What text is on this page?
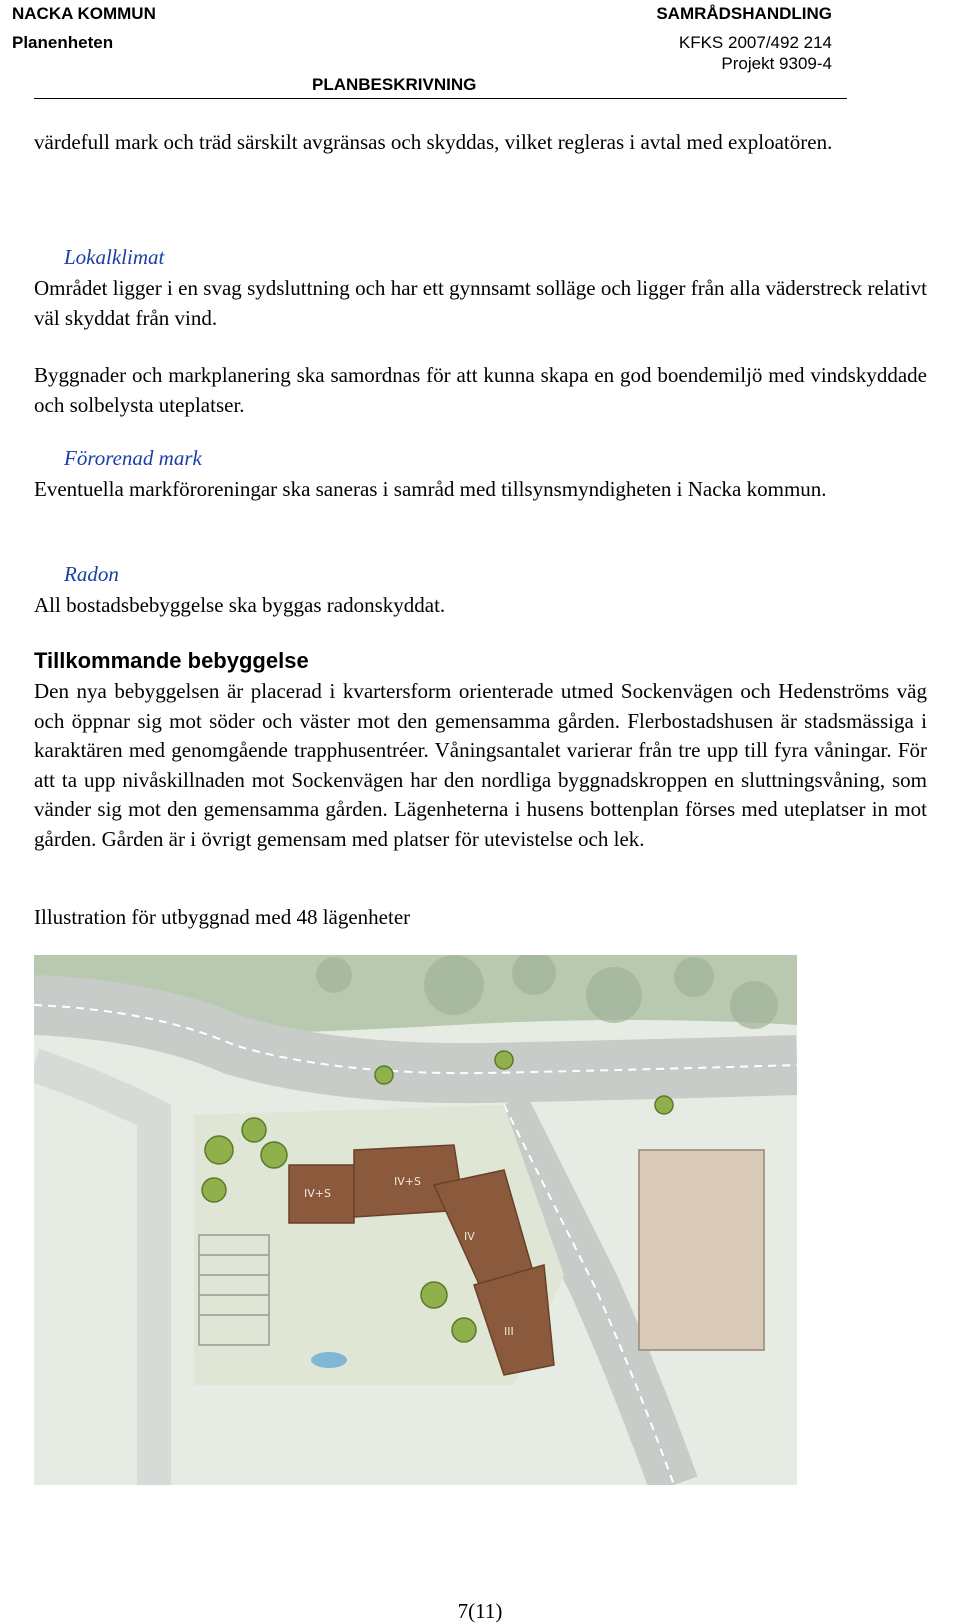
NACKA KOMMUN
Planenheten
SAMRÅDSHANDLING
KFKS 2007/492 214
Projekt 9309-4
PLANBESKRIVNING
värdefull mark och träd särskilt avgränsas och skyddas, vilket regleras i avtal med exploatören.
Lokalklimat
Området ligger i en svag sydsluttning och har ett gynnsamt solläge och ligger från alla väderstreck relativt väl skyddat från vind.
Byggnader och markplanering ska samordnas för att kunna skapa en god boendemiljö med vindskyddade och solbelysta uteplatser.
Förorenad mark
Eventuella markföroreningar ska saneras i samråd med tillsynsmyndigheten i Nacka kommun.
Radon
All bostadsbebyggelse ska byggas radonskyddat.
Tillkommande bebyggelse
Den nya bebyggelsen är placerad i kvartersform orienterade utmed Sockenvägen och Hedenströms väg och öppnar sig mot söder och väster mot den gemensamma gården. Flerbostadshusen är stadsmässiga i karaktären med genomgående trapphusentréer. Våningsantalet varierar från tre upp till fyra våningar. För att ta upp nivåskillnaden mot Sockenvägen har den nordliga byggnadskroppen en sluttningsvåning, som vänder sig mot den gemensamma gården. Lägenheterna i husens bottenplan förses med uteplatser in mot gården. Gården är i övrigt gemensam med platser för utevistelse och lek.
Illustration för utbyggnad med 48 lägenheter
IV+S
IV+S
IV
III
7(11)
